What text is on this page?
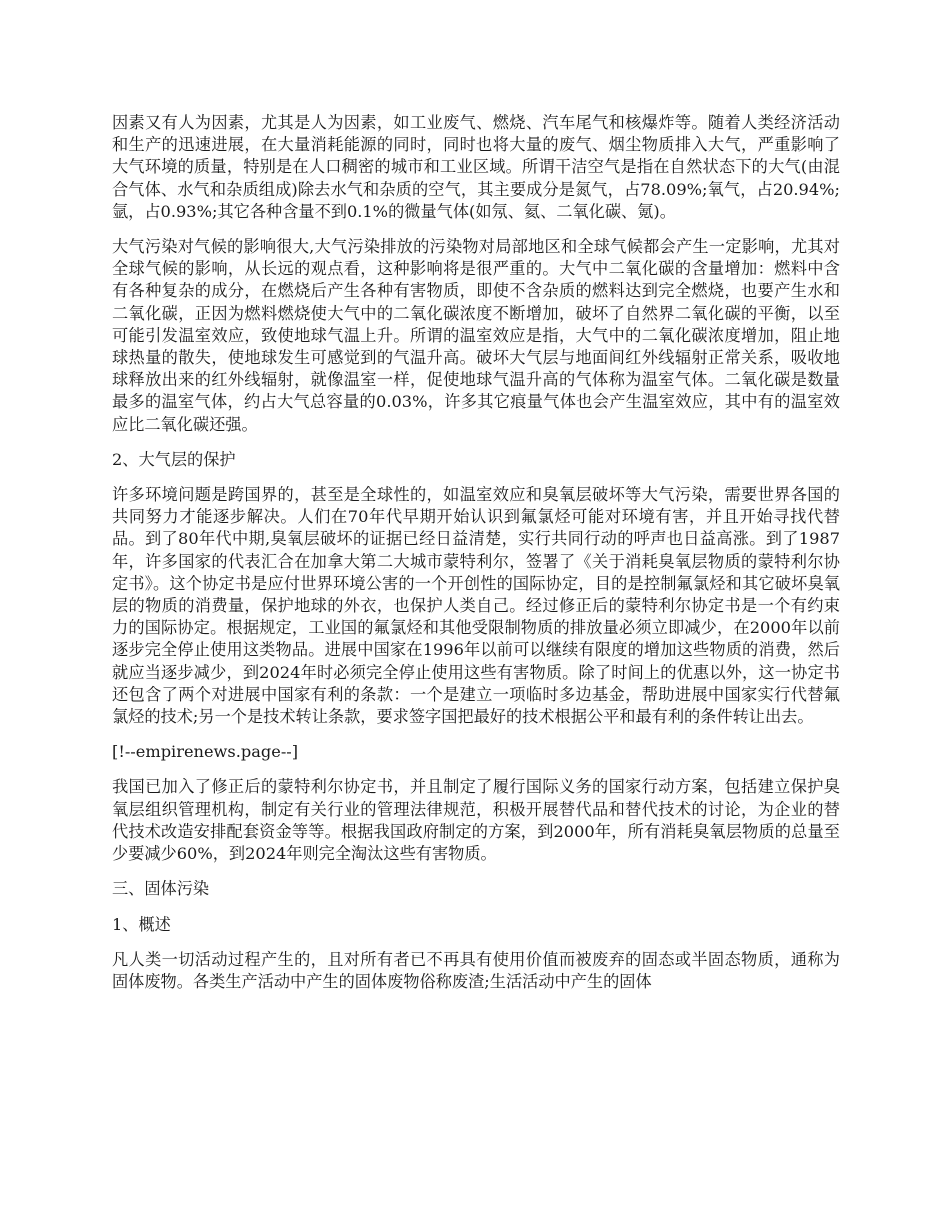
因素又有人为因素，尤其是人为因素，如工业废气、燃烧、汽车尾气和核爆炸等。随着人类经济活动和生产的迅速进展，在大量消耗能源的同时，同时也将大量的废气、烟尘物质排入大气，严重影响了大气环境的质量，特别是在人口稠密的城市和工业区域。所谓干洁空气是指在自然状态下的大气(由混合气体、水气和杂质组成)除去水气和杂质的空气，其主要成分是氮气，占78.09%;氧气，占20.94%;氩，占0.93%;其它各种含量不到0.1%的微量气体(如氖、氦、二氧化碳、氪)。

大气污染对气候的影响很大,大气污染排放的污染物对局部地区和全球气候都会产生一定影响，尤其对全球气候的影响，从长远的观点看，这种影响将是很严重的。大气中二氧化碳的含量增加：燃料中含有各种复杂的成分，在燃烧后产生各种有害物质，即使不含杂质的燃料达到完全燃烧，也要产生水和二氧化碳，正因为燃料燃烧使大气中的二氧化碳浓度不断增加，破坏了自然界二氧化碳的平衡，以至可能引发温室效应，致使地球气温上升。所谓的温室效应是指，大气中的二氧化碳浓度增加，阻止地球热量的散失，使地球发生可感觉到的气温升高。破坏大气层与地面间红外线辐射正常关系，吸收地球释放出来的红外线辐射，就像温室一样，促使地球气温升高的气体称为温室气体。二氧化碳是数量最多的温室气体，约占大气总容量的0.03%，许多其它痕量气体也会产生温室效应，其中有的温室效应比二氧化碳还强。

2、大气层的保护

许多环境问题是跨国界的，甚至是全球性的，如温室效应和臭氧层破坏等大气污染，需要世界各国的共同努力才能逐步解决。人们在70年代早期开始认识到氟氯烃可能对环境有害，并且开始寻找代替品。到了80年代中期,臭氧层破坏的证据已经日益清楚，实行共同行动的呼声也日益高涨。到了1987年，许多国家的代表汇合在加拿大第二大城市蒙特利尔，签署了《关于消耗臭氧层物质的蒙特利尔协定书》。这个协定书是应付世界环境公害的一个开创性的国际协定，目的是控制氟氯烃和其它破坏臭氧层的物质的消费量，保护地球的外衣，也保护人类自己。经过修正后的蒙特利尔协定书是一个有约束力的国际协定。根据规定，工业国的氟氯烃和其他受限制物质的排放量必须立即减少，在2000年以前逐步完全停止使用这类物品。进展中国家在1996年以前可以继续有限度的增加这些物质的消费，然后就应当逐步减少，到2024年时必须完全停止使用这些有害物质。除了时间上的优惠以外，这一协定书还包含了两个对进展中国家有利的条款：一个是建立一项临时多边基金，帮助进展中国家实行代替氟氯烃的技术;另一个是技术转让条款，要求签字国把最好的技术根据公平和最有利的条件转让出去。

[!--empirenews.page--]

我国已加入了修正后的蒙特利尔协定书，并且制定了履行国际义务的国家行动方案，包括建立保护臭氧层组织管理机构，制定有关行业的管理法律规范，积极开展替代品和替代技术的讨论，为企业的替代技术改造安排配套资金等等。根据我国政府制定的方案，到2000年，所有消耗臭氧层物质的总量至少要减少60%，到2024年则完全淘汰这些有害物质。

三、固体污染

1、概述

凡人类一切活动过程产生的，且对所有者已不再具有使用价值而被废弃的固态或半固态物质，通称为固体废物。各类生产活动中产生的固体废物俗称废渣;生活活动中产生的固体
